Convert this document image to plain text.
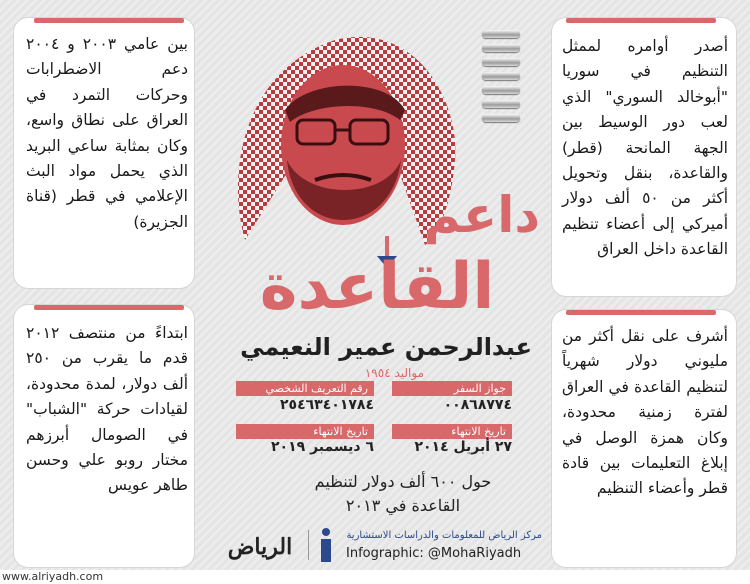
بين عامي ٢٠٠٣ و ٢٠٠٤ دعم الاضطرابات وحركات التمرد في العراق على نطاق واسع، وكان بمثابة ساعي البريد الذي يحمل مواد البث الإعلامي في قطر (قناة الجزيرة)
ابتداءً من منتصف ٢٠١٢ قدم ما يقرب من ٢٥٠ ألف دولار، لمدة محدودة، لقيادات حركة "الشباب" في الصومال أبرزهم مختار روبو علي وحسن طاهر عويس
أصدر أوامره لممثل التنظيم في سوريا "أبوخالد السوري" الذي لعب دور الوسيط بين الجهة المانحة (قطر) والقاعدة، بنقل وتحويل أكثر من ٥٠ ألف دولار أميركي إلى أعضاء تنظيم القاعدة داخل العراق
أشرف على نقل أكثر من مليوني دولار شهرياً لتنظيم القاعدة في العراق لفترة زمنية محدودة، وكان همزة الوصل في إبلاغ التعليمات بين قادة قطر وأعضاء التنظيم
داعم
القاعدة
عبدالرحمن عمير النعيمي
مواليد ١٩٥٤
جواز السفر
٠٠٨٦٨٧٧٤
رقم التعريف الشخصي
٢٥٤٦٣٤٠١٧٨٤
تاريخ الانتهاء
٢٧ أبريل ٢٠١٤
تاريخ الانتهاء
٦ ديسمبر ٢٠١٩
حول ٦٠٠ ألف دولار لتنظيم القاعدة في ٢٠١٣
الرياض	مركز الرياض للمعلومات والدراسات الاستشارية
Infographic: @MohaRiyadh
www.alriyadh.com
